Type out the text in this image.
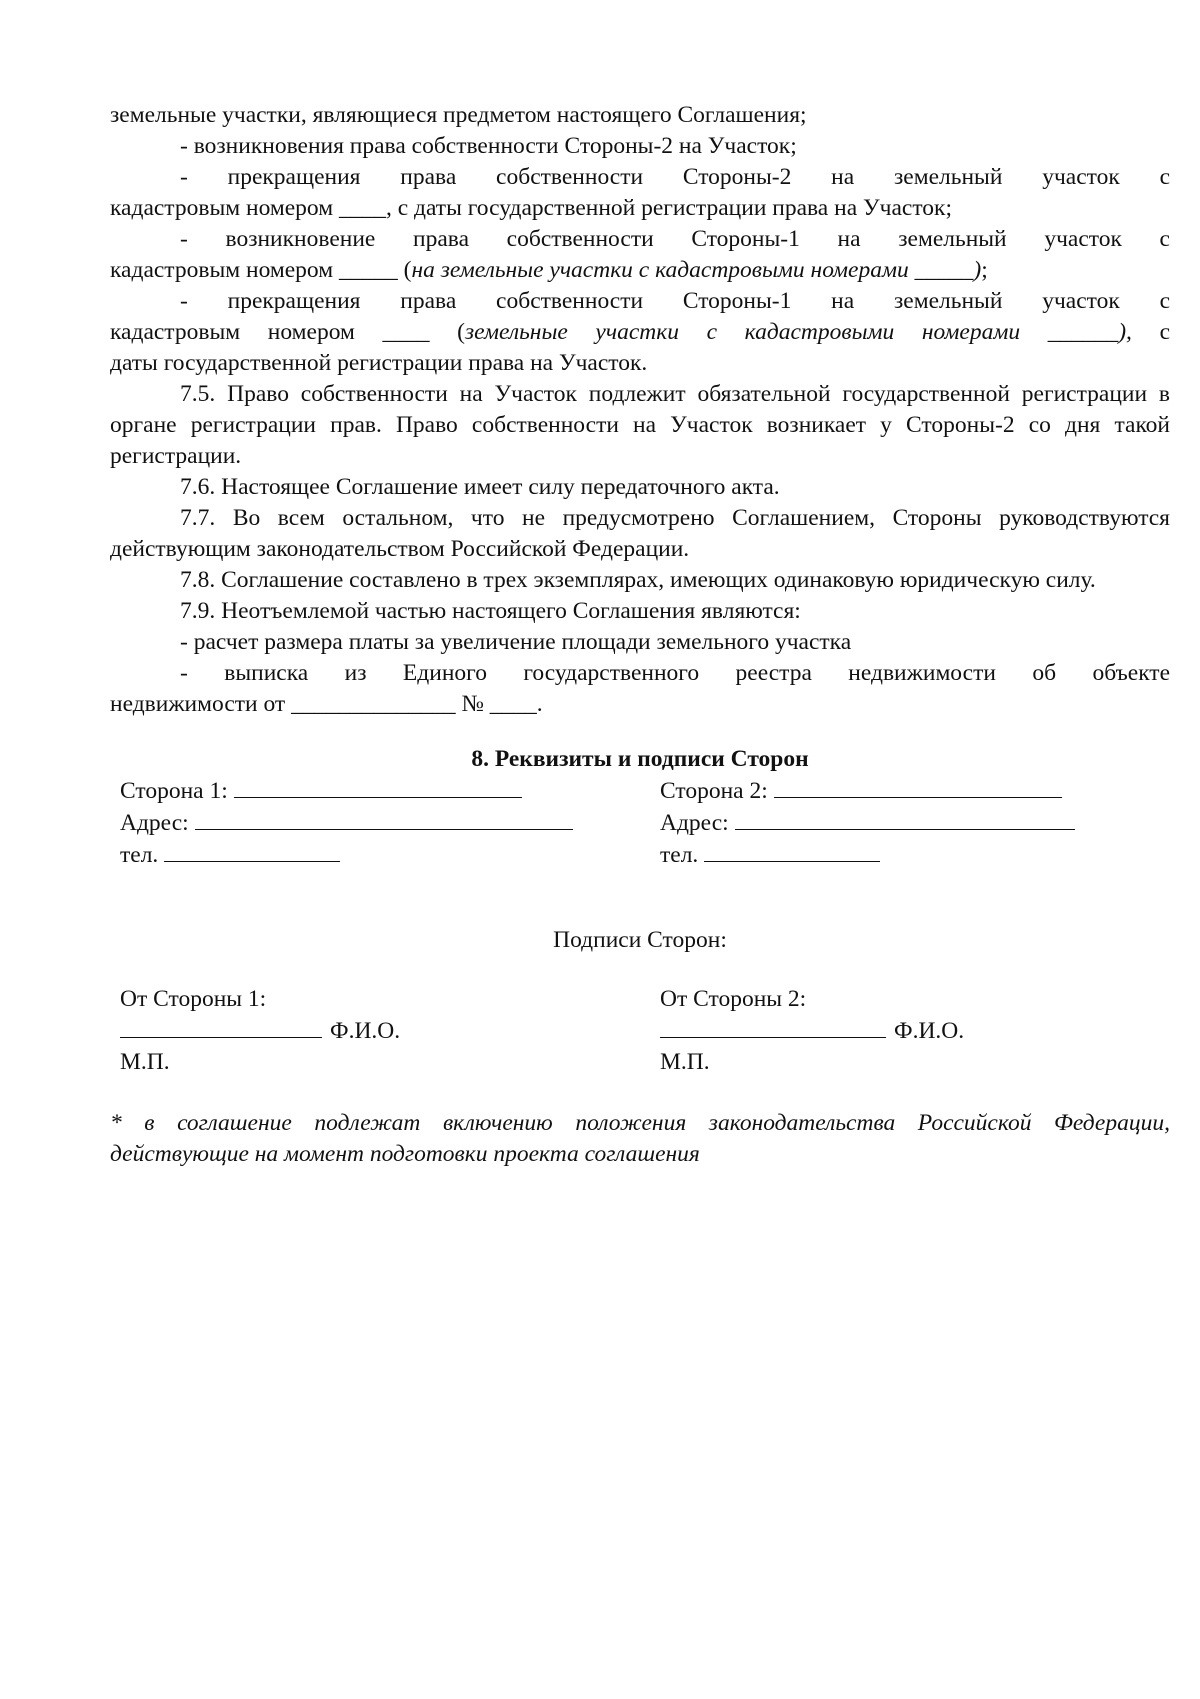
земельные участки, являющиеся предметом настоящего Соглашения;

- возникновения права собственности Стороны-2 на Участок;

- прекращения права собственности Стороны-2 на земельный участок с

кадастровым номером ____, с даты государственной регистрации права на Участок;

- возникновение права собственности Стороны-1 на земельный участок с

кадастровым номером _____ (на земельные участки с кадастровыми номерами _____);

- прекращения права собственности Стороны-1 на земельный участок с

кадастровым номером ____ (земельные участки с кадастровыми номерами ______), с

даты государственной регистрации права на Участок.

7.5. Право собственности на Участок подлежит обязательной государственной регистрации в органе регистрации прав. Право собственности на Участок возникает у Стороны-2 со дня такой регистрации.

7.6. Настоящее Соглашение имеет силу передаточного акта.

7.7. Во всем остальном, что не предусмотрено Соглашением, Стороны руководствуются действующим законодательством Российской Федерации.

7.8. Соглашение составлено в трех экземплярах, имеющих одинаковую юридическую силу.

7.9. Неотъемлемой частью настоящего Соглашения являются:

- расчет размера платы за увеличение площади земельного участка

- выписка из Единого государственного реестра недвижимости об объекте

недвижимости от ______________ № ____.

8. Реквизиты и подписи Сторон

Сторона 1:
Адрес:
тел.
Сторона 2:
Адрес:
тел.

Подписи Сторон:

От Стороны 1:
Ф.И.О.
М.П.
От Стороны 2:
Ф.И.О.
М.П.

* в соглашение подлежат включению положения законодательства Российской Федерации, действующие на момент подготовки проекта соглашения
